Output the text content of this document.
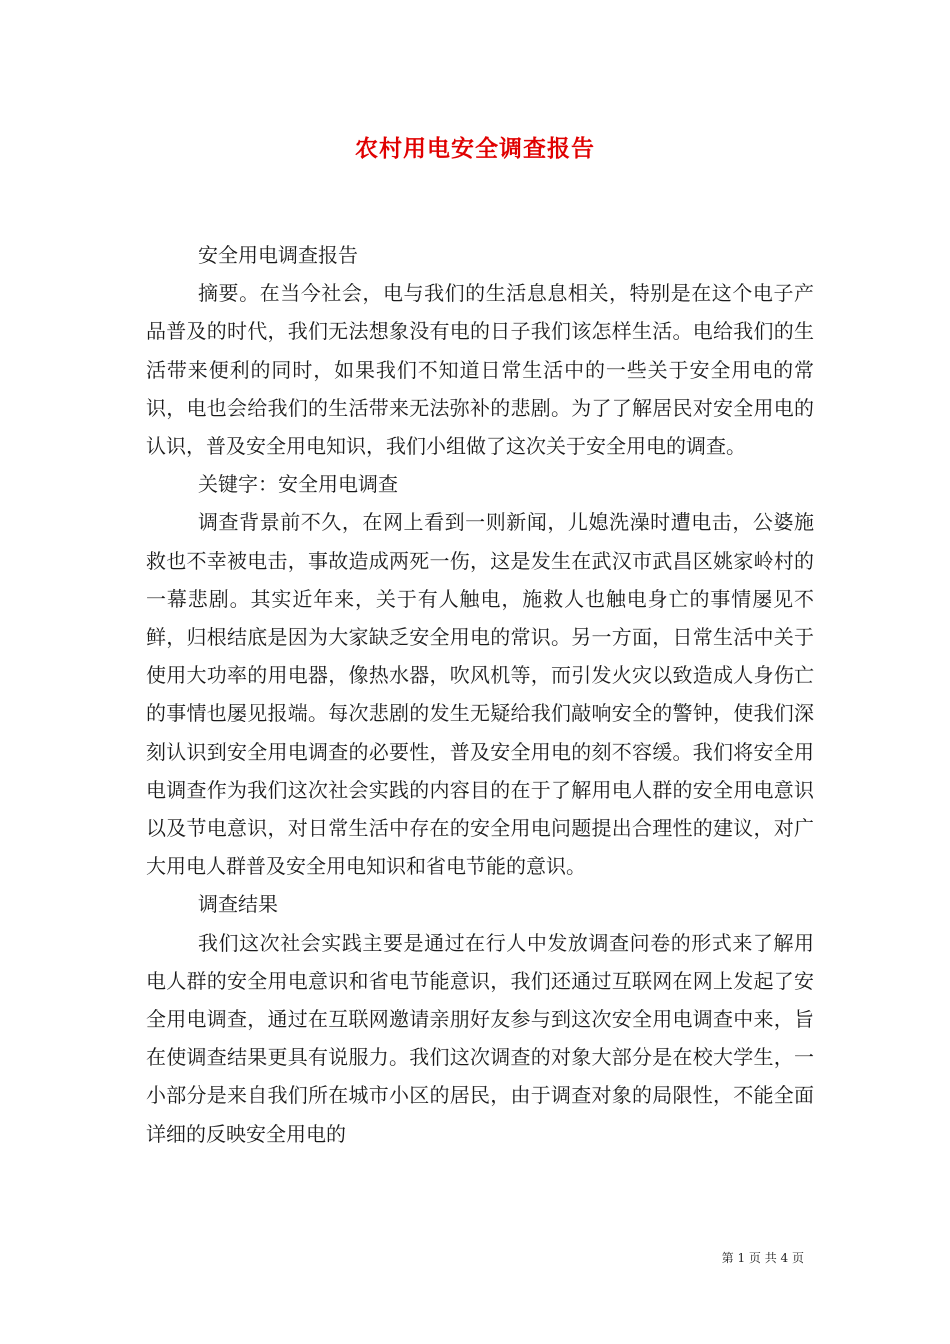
农村用电安全调查报告

安全用电调查报告

摘要。在当今社会，电与我们的生活息息相关，特别是在这个电子产品普及的时代，我们无法想象没有电的日子我们该怎样生活。电给我们的生活带来便利的同时，如果我们不知道日常生活中的一些关于安全用电的常识，电也会给我们的生活带来无法弥补的悲剧。为了了解居民对安全用电的认识，普及安全用电知识，我们小组做了这次关于安全用电的调查。

关键字：安全用电调查

调查背景前不久，在网上看到一则新闻，儿媳洗澡时遭电击，公婆施救也不幸被电击，事故造成两死一伤，这是发生在武汉市武昌区姚家岭村的一幕悲剧。其实近年来，关于有人触电，施救人也触电身亡的事情屡见不鲜，归根结底是因为大家缺乏安全用电的常识。另一方面，日常生活中关于使用大功率的用电器，像热水器，吹风机等，而引发火灾以致造成人身伤亡的事情也屡见报端。每次悲剧的发生无疑给我们敲响安全的警钟，使我们深刻认识到安全用电调查的必要性，普及安全用电的刻不容缓。我们将安全用电调查作为我们这次社会实践的内容目的在于了解用电人群的安全用电意识以及节电意识，对日常生活中存在的安全用电问题提出合理性的建议，对广大用电人群普及安全用电知识和省电节能的意识。

调查结果

我们这次社会实践主要是通过在行人中发放调查问卷的形式来了解用电人群的安全用电意识和省电节能意识，我们还通过互联网在网上发起了安全用电调查，通过在互联网邀请亲朋好友参与到这次安全用电调查中来，旨在使调查结果更具有说服力。我们这次调查的对象大部分是在校大学生，一小部分是来自我们所在城市小区的居民，由于调查对象的局限性，不能全面详细的反映安全用电的

第 1 页 共 4 页
